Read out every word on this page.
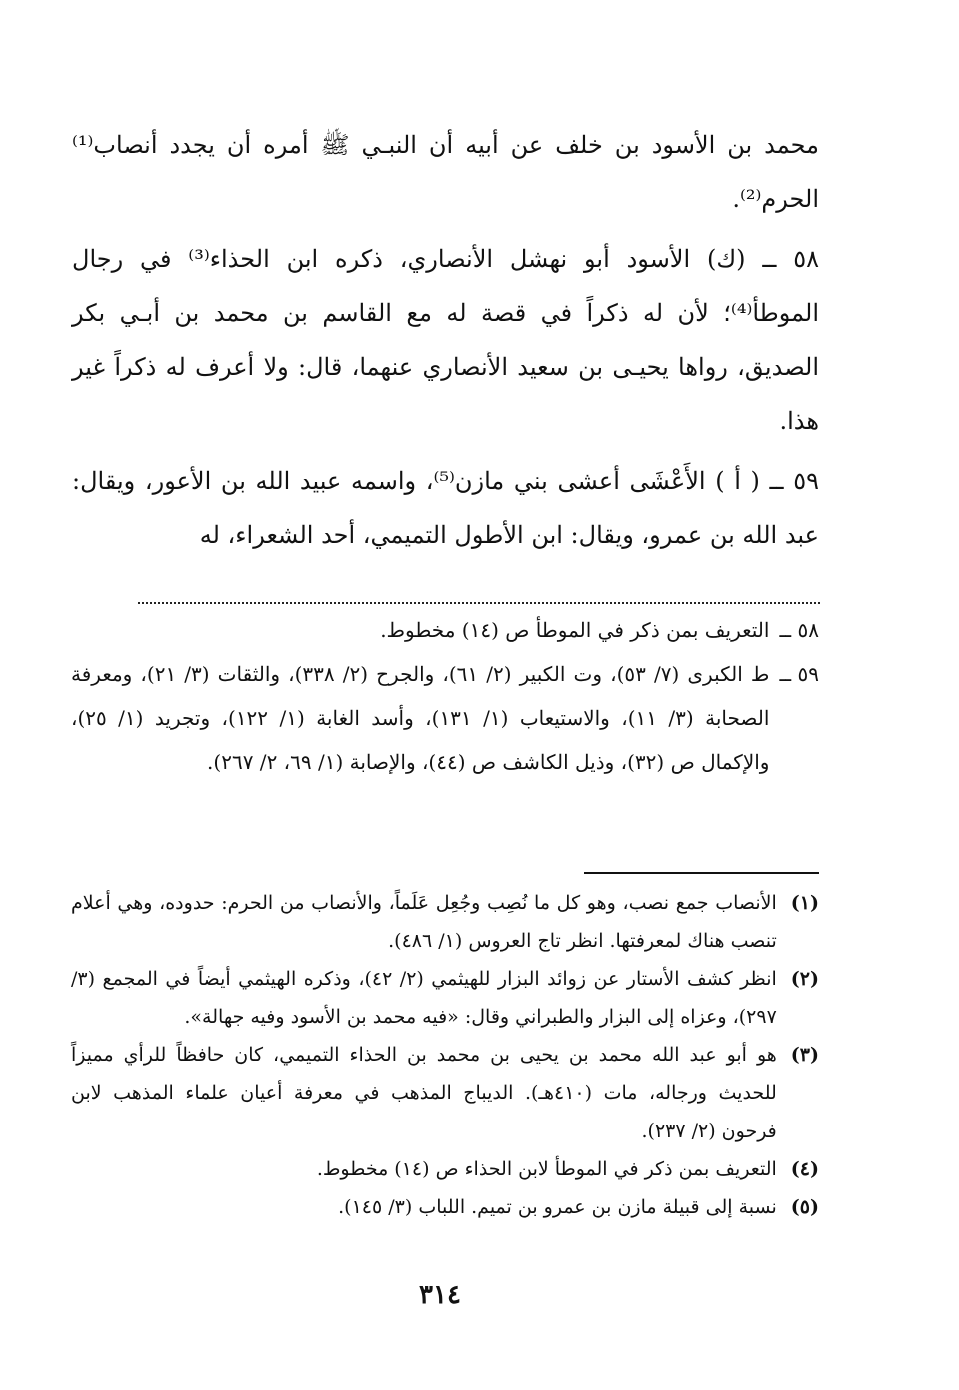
محمد بن الأسود بن خلف عن أبيه أن النبـي ﷺ أمره أن يجدد أنصاب⁽¹⁾ الحرم⁽²⁾.

٥٨ ــ (ك) الأسود أبو نهشل الأنصاري، ذكره ابن الحذاء⁽³⁾ في رجال الموطأ⁽⁴⁾؛ لأن له ذكراً في قصة له مع القاسم بن محمد بن أبـي بكر الصديق، رواها يحيـى بن سعيد الأنصاري عنهما، قال: ولا أعرف له ذكراً غير هذا.

٥٩ ــ ( أ ) الأَعْشَى أعشى بني مازن⁽⁵⁾، واسمه عبيد الله بن الأعور، ويقال: عبد الله بن عمرو، ويقال: ابن الأطول التميمي، أحد الشعراء، له

٥٨ ــ
التعريف بمن ذكر في الموطأ ص (١٤) مخطوط.
٥٩ ــ
ط الكبرى (٧/ ٥٣)، وت الكبير (٢/ ٦١)، والجرح (٢/ ٣٣٨)، والثقات (٣/ ٢١)، ومعرفة الصحابة (٣/ ١١)، والاستيعاب (١/ ١٣١)، وأسد الغابة (١/ ١٢٢)، وتجريد (١/ ٢٥)، والإكمال ص (٣٢)، وذيل الكاشف ص (٤٤)، والإصابة (١/ ٦٩، ٢/ ٢٦٧).
(١)
الأنصاب جمع نصب، وهو كل ما نُصِب وجُعِل عَلَماً، والأنصاب من الحرم: حدوده، وهي أعلام تنصب هناك لمعرفتها. انظر تاج العروس (١/ ٤٨٦).
(٢)
انظر كشف الأستار عن زوائد البزار للهيثمي (٢/ ٤٢)، وذكره الهيثمي أيضاً في المجمع (٣/ ٢٩٧)، وعزاه إلى البزار والطبراني وقال: «فيه محمد بن الأسود وفيه جهالة».
(٣)
هو أبو عبد الله محمد بن يحيى بن محمد بن الحذاء التميمي، كان حافظاً للرأي مميزاً للحديث ورجاله، مات (٤١٠هـ). الديباج المذهب في معرفة أعيان علماء المذهب لابن فرحون (٢/ ٢٣٧).
(٤)
التعريف بمن ذكر في الموطأ لابن الحذاء ص (١٤) مخطوط.
(٥)
نسبة إلى قبيلة مازن بن عمرو بن تميم. اللباب (٣/ ١٤٥).
٣١٤
